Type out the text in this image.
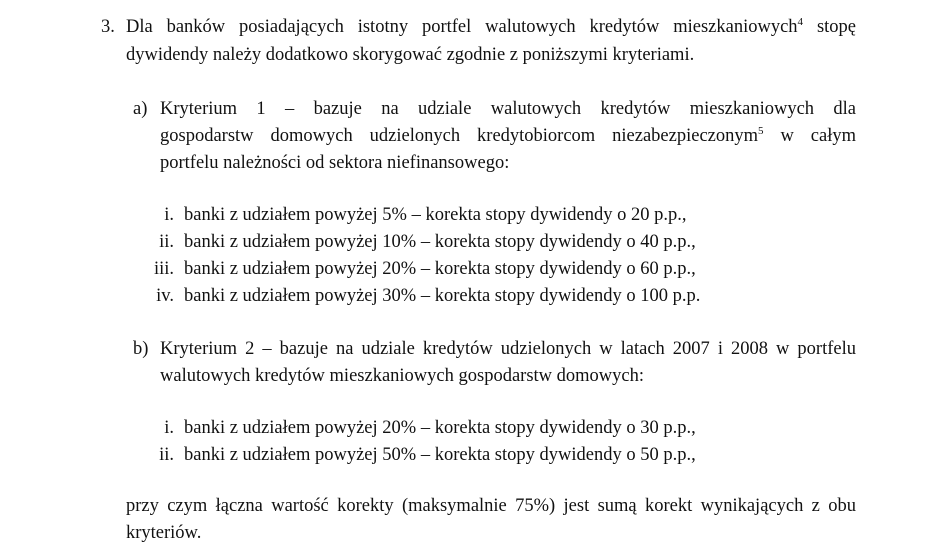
3. Dla banków posiadających istotny portfel walutowych kredytów mieszkaniowych$^4$ stopę
dywidendy należy dodatkowo skorygować zgodnie z poniższymi kryteriami.
a) Kryterium 1 – bazuje na udziale walutowych kredytów mieszkaniowych dla
gospodarstw domowych udzielonych kredytobiorcom niezabezpieczonym$^5$ w całym
portfelu należności od sektora niefinansowego:
i. banki z udziałem powyżej 5% – korekta stopy dywidendy o 20 p.p.,
ii. banki z udziałem powyżej 10% – korekta stopy dywidendy o 40 p.p.,
iii. banki z udziałem powyżej 20% – korekta stopy dywidendy o 60 p.p.,
iv. banki z udziałem powyżej 30% – korekta stopy dywidendy o 100 p.p.
b) Kryterium 2 – bazuje na udziale kredytów udzielonych w latach 2007 i 2008 w portfelu
walutowych kredytów mieszkaniowych gospodarstw domowych:
i. banki z udziałem powyżej 20% – korekta stopy dywidendy o 30 p.p.,
ii. banki z udziałem powyżej 50% – korekta stopy dywidendy o 50 p.p.,
przy czym łączna wartość korekty (maksymalnie 75%) jest sumą korekt wynikających z obu
kryteriów.
